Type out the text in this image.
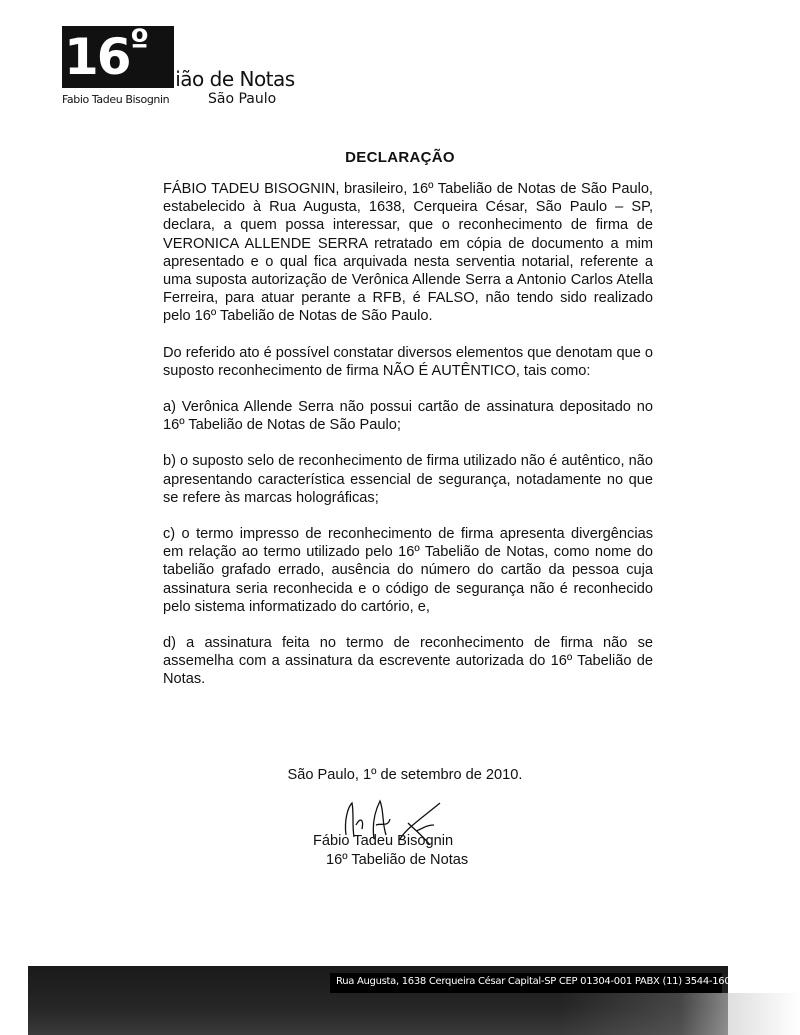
16 º
Tabelião de Notas
Fabio Tadeu Bisognin	São Paulo
DECLARAÇÃO

FÁBIO TADEU BISOGNIN, brasileiro, 16º Tabelião de Notas de São Paulo, estabelecido à Rua Augusta, 1638, Cerqueira César, São Paulo – SP, declara, a quem possa interessar, que o reconhecimento de firma de VERONICA ALLENDE SERRA retratado em cópia de documento a mim apresentado e o qual fica arquivada nesta serventia notarial, referente a uma suposta autorização de Verônica Allende Serra a Antonio Carlos Atella Ferreira, para atuar perante a RFB, é FALSO, não tendo sido realizado pelo 16º Tabelião de Notas de São Paulo.

Do referido ato é possível constatar diversos elementos que denotam que o suposto reconhecimento de firma NÃO É AUTÊNTICO, tais como:

a) Verônica Allende Serra não possui cartão de assinatura depositado no 16º Tabelião de Notas de São Paulo;

b) o suposto selo de reconhecimento de firma utilizado não é autêntico, não apresentando característica essencial de segurança, notadamente no que se refere às marcas holográficas;

c) o termo impresso de reconhecimento de firma apresenta divergências em relação ao termo utilizado pelo 16º Tabelião de Notas, como nome do tabelião grafado errado, ausência do número do cartão da pessoa cuja assinatura seria reconhecida e o código de segurança não é reconhecido pelo sistema informatizado do cartório, e,

d) a assinatura feita no termo de reconhecimento de firma não se assemelha com a assinatura da escrevente autorizada do 16º Tabelião de Notas.

São Paulo, 1º de setembro de 2010.
Fábio Tadeu Bisognin
16º Tabelião de Notas
Rua Augusta, 1638 Cerqueira César Capital-SP CEP 01304-001 PABX (11) 3544-1600
